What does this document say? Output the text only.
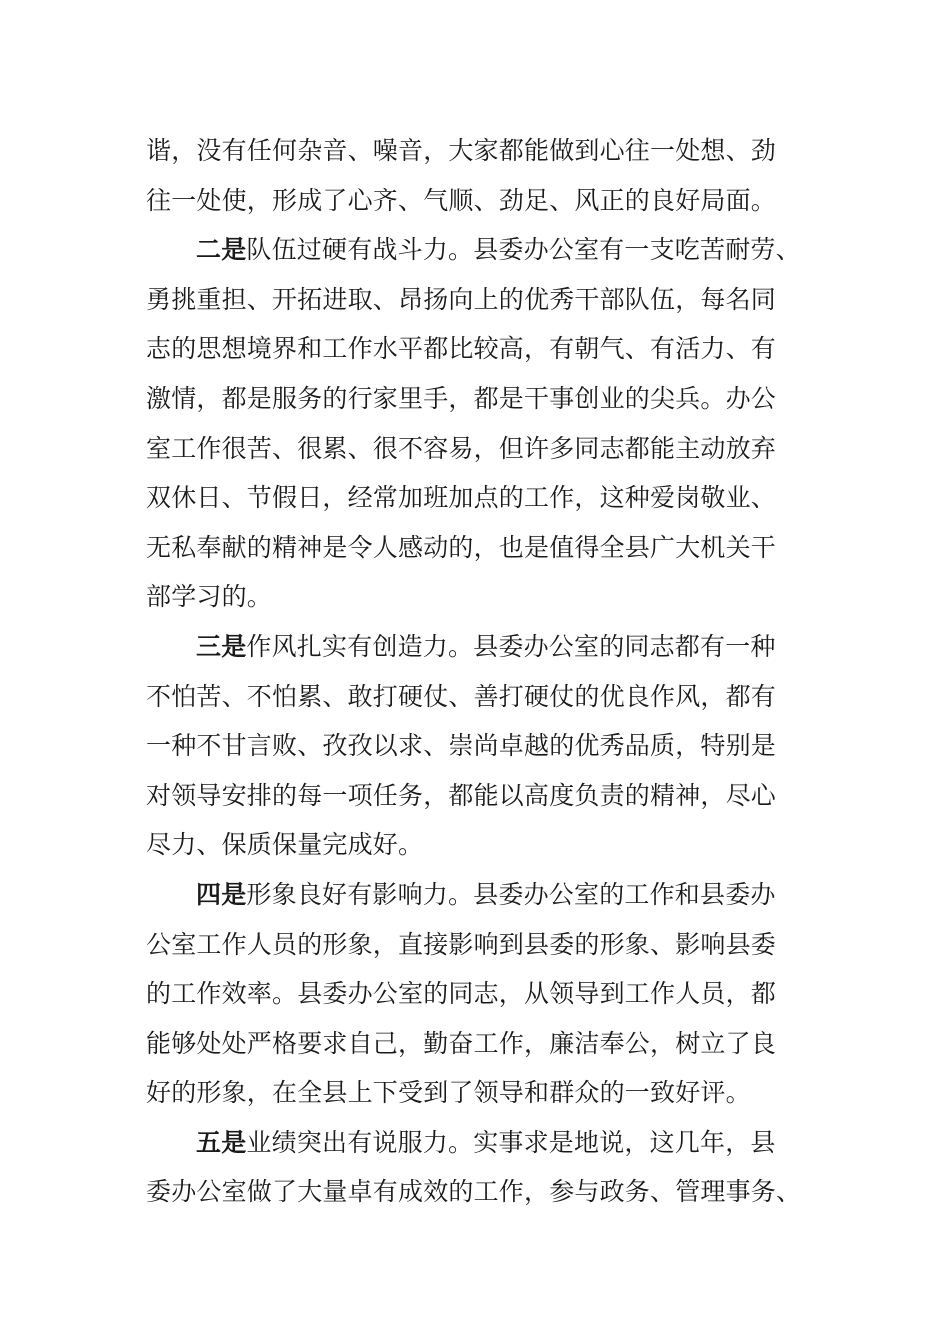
谐，没有任何杂音、噪音，大家都能做到心往一处想、劲
往一处使，形成了心齐、气顺、劲足、风正的良好局面。
二是队伍过硬有战斗力。县委办公室有一支吃苦耐劳、
勇挑重担、开拓进取、昂扬向上的优秀干部队伍，每名同
志的思想境界和工作水平都比较高，有朝气、有活力、有
激情，都是服务的行家里手，都是干事创业的尖兵。办公
室工作很苦、很累、很不容易，但许多同志都能主动放弃
双休日、节假日，经常加班加点的工作，这种爱岗敬业、
无私奉献的精神是令人感动的，也是值得全县广大机关干
部学习的。
三是作风扎实有创造力。县委办公室的同志都有一种
不怕苦、不怕累、敢打硬仗、善打硬仗的优良作风，都有
一种不甘言败、孜孜以求、崇尚卓越的优秀品质，特别是
对领导安排的每一项任务，都能以高度负责的精神，尽心
尽力、保质保量完成好。
四是形象良好有影响力。县委办公室的工作和县委办
公室工作人员的形象，直接影响到县委的形象、影响县委
的工作效率。县委办公室的同志，从领导到工作人员，都
能够处处严格要求自己，勤奋工作，廉洁奉公，树立了良
好的形象，在全县上下受到了领导和群众的一致好评。
五是业绩突出有说服力。实事求是地说，这几年，县
委办公室做了大量卓有成效的工作，参与政务、管理事务、
